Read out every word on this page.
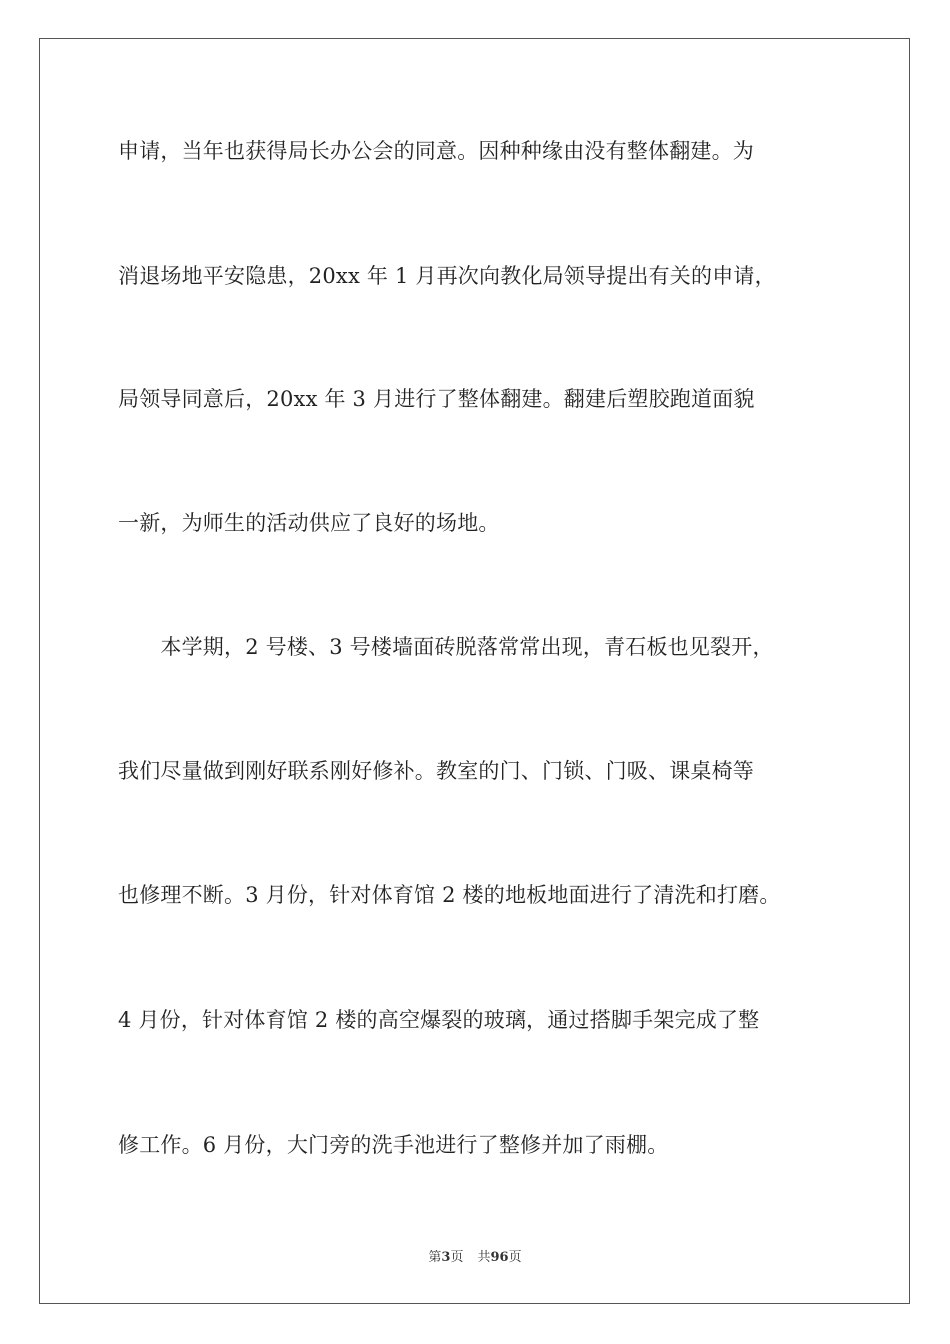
申请，当年也获得局长办公会的同意。因种种缘由没有整体翻建。为
消退场地平安隐患，20xx 年 1 月再次向教化局领导提出有关的申请，
局领导同意后，20xx 年 3 月进行了整体翻建。翻建后塑胶跑道面貌
一新，为师生的活动供应了良好的场地。
　　本学期，2 号楼、3 号楼墙面砖脱落常常出现，青石板也见裂开，
我们尽量做到刚好联系刚好修补。教室的门、门锁、门吸、课桌椅等
也修理不断。3 月份，针对体育馆 2 楼的地板地面进行了清洗和打磨。
4 月份，针对体育馆 2 楼的高空爆裂的玻璃，通过搭脚手架完成了整
修工作。6 月份，大门旁的洗手池进行了整修并加了雨棚。
第3页 共96页
